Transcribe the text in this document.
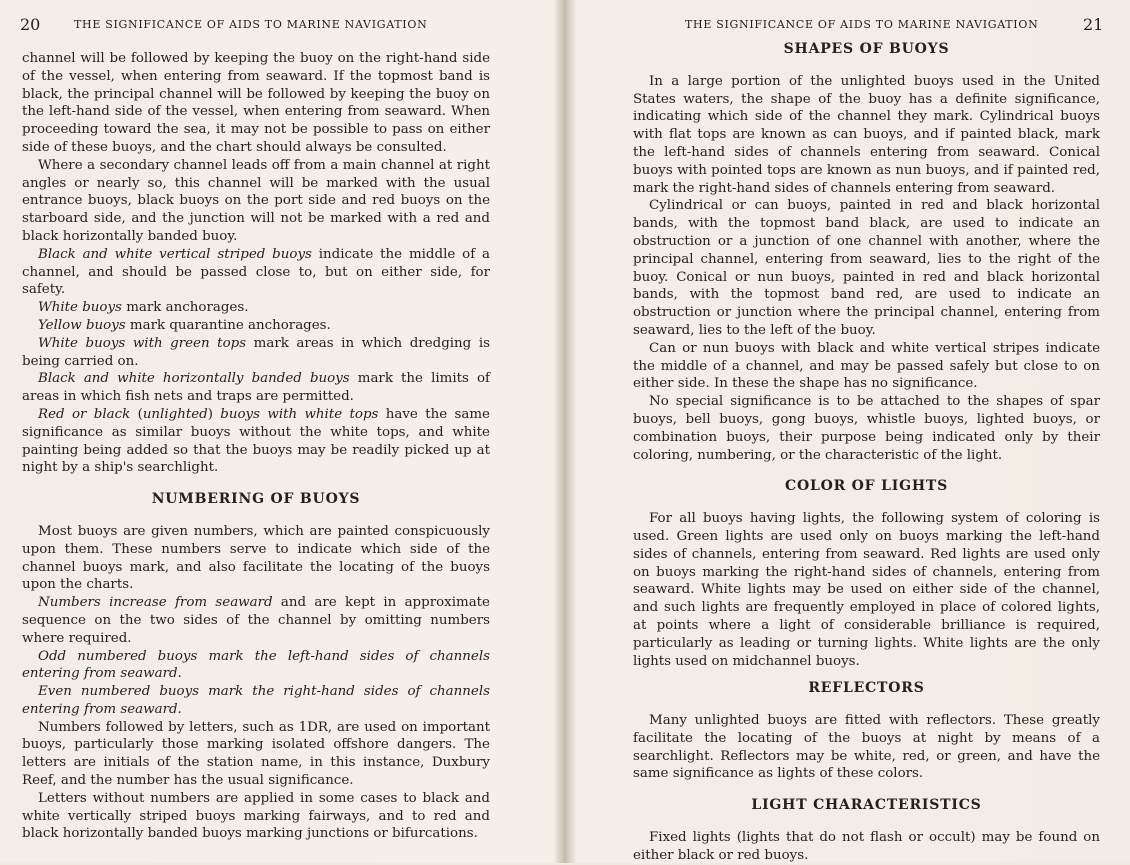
20	THE SIGNIFICANCE OF AIDS TO MARINE NAVIGATION

channel will be followed by keeping the buoy on the right-hand side of the vessel, when entering from seaward. If the topmost band is black, the principal channel will be followed by keeping the buoy on the left-hand side of the vessel, when entering from seaward. When proceeding toward the sea, it may not be possible to pass on either side of these buoys, and the chart should always be consulted.

Where a secondary channel leads off from a main channel at right angles or nearly so, this channel will be marked with the usual entrance buoys, black buoys on the port side and red buoys on the starboard side, and the junction will not be marked with a red and black horizontally banded buoy.

Black and white vertical striped buoys indicate the middle of a channel, and should be passed close to, but on either side, for safety.

White buoys mark anchorages.

Yellow buoys mark quarantine anchorages.

White buoys with green tops mark areas in which dredging is being carried on.

Black and white horizontally banded buoys mark the limits of areas in which fish nets and traps are permitted.

Red or black (unlighted) buoys with white tops have the same significance as similar buoys without the white tops, and white painting being added so that the buoys may be readily picked up at night by a ship's searchlight.

NUMBERING OF BUOYS

Most buoys are given numbers, which are painted conspicuously upon them. These numbers serve to indicate which side of the channel buoys mark, and also facilitate the locating of the buoys upon the charts.

Numbers increase from seaward and are kept in approximate sequence on the two sides of the channel by omitting numbers where required.

Odd numbered buoys mark the left-hand sides of channels entering from seaward.

Even numbered buoys mark the right-hand sides of channels entering from seaward.

Numbers followed by letters, such as 1DR, are used on important buoys, particularly those marking isolated offshore dangers. The letters are initials of the station name, in this instance, Duxbury Reef, and the number has the usual significance.

Letters without numbers are applied in some cases to black and white vertically striped buoys marking fairways, and to red and black horizontally banded buoys marking junctions or bifurcations.

THE SIGNIFICANCE OF AIDS TO MARINE NAVIGATION	21
SHAPES OF BUOYS

In a large portion of the unlighted buoys used in the United States waters, the shape of the buoy has a definite significance, indicating which side of the channel they mark. Cylindrical buoys with flat tops are known as can buoys, and if painted black, mark the left-hand sides of channels entering from seaward. Conical buoys with pointed tops are known as nun buoys, and if painted red, mark the right-hand sides of channels entering from seaward.

Cylindrical or can buoys, painted in red and black horizontal bands, with the topmost band black, are used to indicate an obstruction or a junction of one channel with another, where the principal channel, entering from seaward, lies to the right of the buoy. Conical or nun buoys, painted in red and black horizontal bands, with the topmost band red, are used to indicate an obstruction or junction where the principal channel, entering from seaward, lies to the left of the buoy.

Can or nun buoys with black and white vertical stripes indicate the middle of a channel, and may be passed safely but close to on either side. In these the shape has no significance.

No special significance is to be attached to the shapes of spar buoys, bell buoys, gong buoys, whistle buoys, lighted buoys, or combination buoys, their purpose being indicated only by their coloring, numbering, or the characteristic of the light.

COLOR OF LIGHTS

For all buoys having lights, the following system of coloring is used. Green lights are used only on buoys marking the left-hand sides of channels, entering from seaward. Red lights are used only on buoys marking the right-hand sides of channels, entering from seaward. White lights may be used on either side of the channel, and such lights are frequently employed in place of colored lights, at points where a light of considerable brilliance is required, particularly as leading or turning lights. White lights are the only lights used on midchannel buoys.

REFLECTORS

Many unlighted buoys are fitted with reflectors. These greatly facilitate the locating of the buoys at night by means of a searchlight. Reflectors may be white, red, or green, and have the same significance as lights of these colors.

LIGHT CHARACTERISTICS

Fixed lights (lights that do not flash or occult) may be found on either black or red buoys.
